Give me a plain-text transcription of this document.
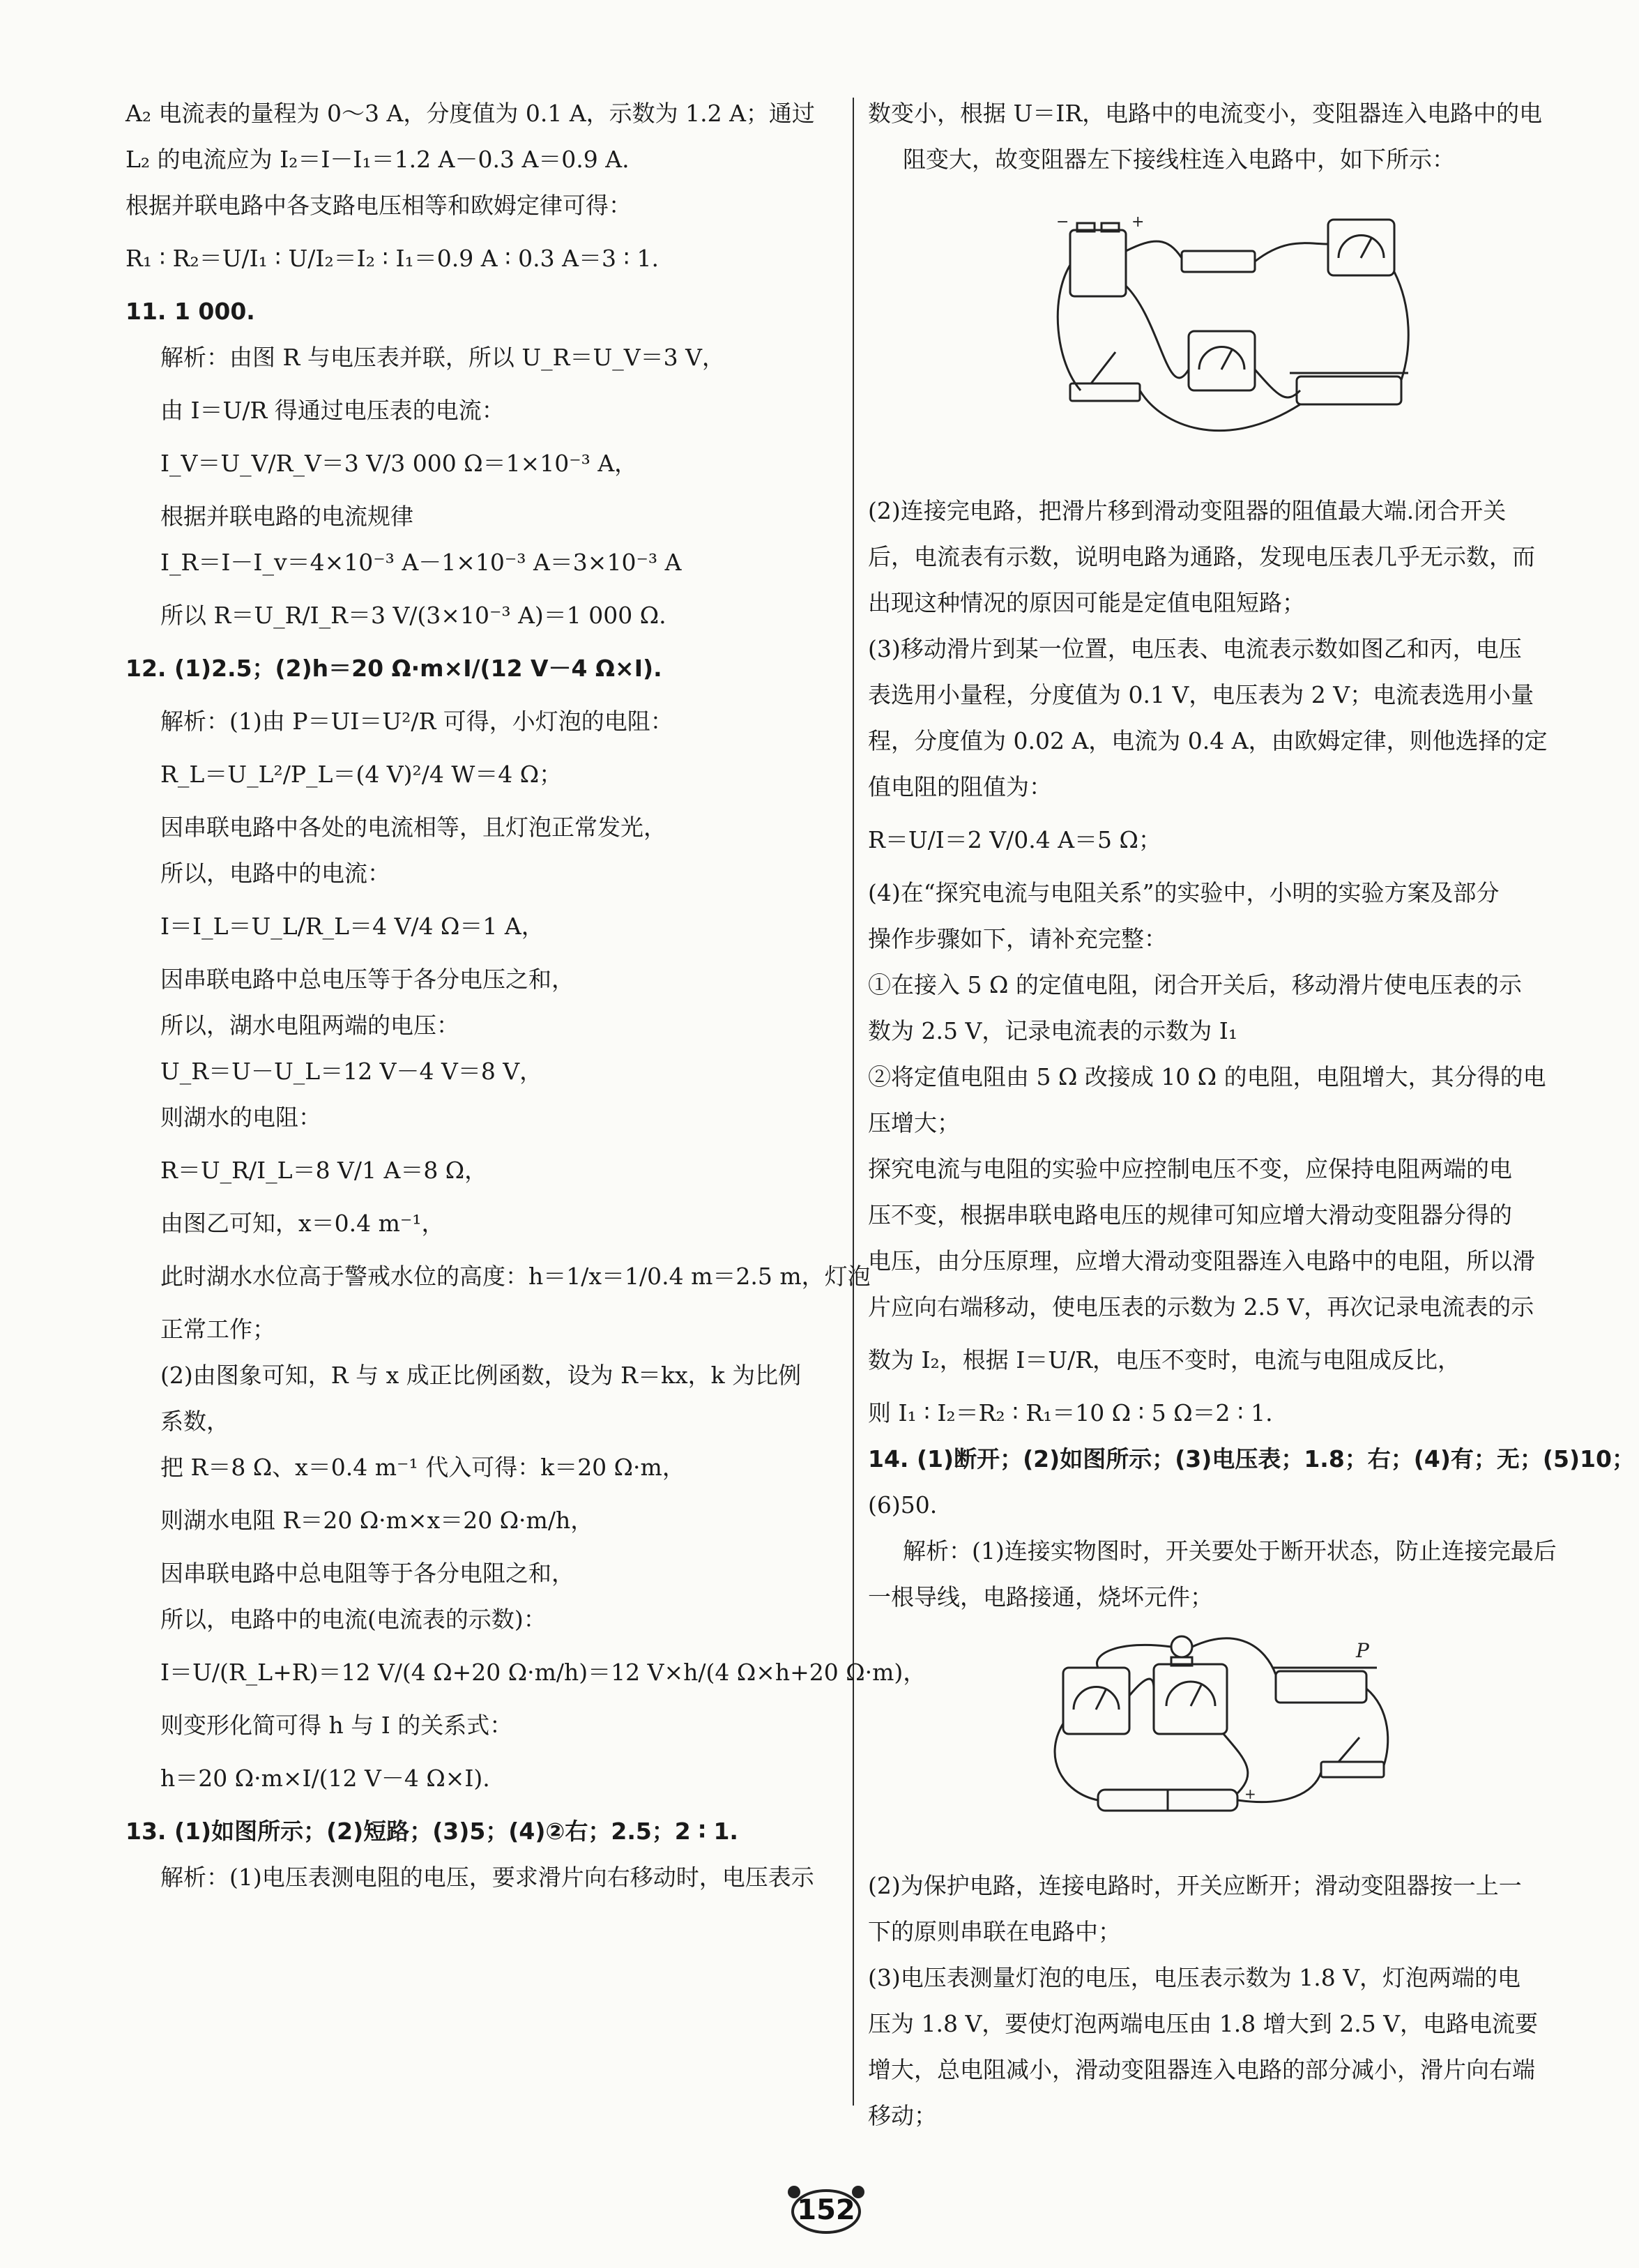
A₂ 电流表的量程为 0～3 A，分度值为 0.1 A，示数为 1.2 A；通过
L₂ 的电流应为 I₂＝I－I₁＝1.2 A－0.3 A＝0.9 A.
根据并联电路中各支路电压相等和欧姆定律可得：
R₁ ∶ R₂＝U/I₁ ∶ U/I₂＝I₂ ∶ I₁＝0.9 A ∶ 0.3 A＝3 ∶ 1.
11. 1 000.
解析：由图 R 与电压表并联，所以 U_R＝U_V＝3 V，
由 I＝U/R 得通过电压表的电流：
I_V＝U_V/R_V＝3 V/3 000 Ω＝1×10⁻³ A，
根据并联电路的电流规律
I_R＝I－I_v＝4×10⁻³ A－1×10⁻³ A＝3×10⁻³ A
所以 R＝U_R/I_R＝3 V/(3×10⁻³ A)＝1 000 Ω.
12. (1)2.5；(2)h＝20 Ω·m×I/(12 V－4 Ω×I).
解析：(1)由 P＝UI＝U²/R 可得，小灯泡的电阻：
R_L＝U_L²/P_L＝(4 V)²/4 W＝4 Ω；
因串联电路中各处的电流相等，且灯泡正常发光，
所以，电路中的电流：
I＝I_L＝U_L/R_L＝4 V/4 Ω＝1 A，
因串联电路中总电压等于各分电压之和，
所以，湖水电阻两端的电压：
U_R＝U－U_L＝12 V－4 V＝8 V，
则湖水的电阻：
R＝U_R/I_L＝8 V/1 A＝8 Ω，
由图乙可知，x＝0.4 m⁻¹，
此时湖水水位高于警戒水位的高度：h＝1/x＝1/0.4 m＝2.5 m，灯泡
正常工作；
(2)由图象可知，R 与 x 成正比例函数，设为 R＝kx，k 为比例
系数，
把 R＝8 Ω、x＝0.4 m⁻¹ 代入可得：k＝20 Ω·m，
则湖水电阻 R＝20 Ω·m×x＝20 Ω·m/h，
因串联电路中总电阻等于各分电阻之和，
所以，电路中的电流(电流表的示数)：
I＝U/(R_L+R)＝12 V/(4 Ω+20 Ω·m/h)＝12 V×h/(4 Ω×h+20 Ω·m)，
则变形化简可得 h 与 I 的关系式：
h＝20 Ω·m×I/(12 V－4 Ω×I).
13. (1)如图所示；(2)短路；(3)5；(4)②右；2.5；2 ∶ 1.
解析：(1)电压表测电阻的电压，要求滑片向右移动时，电压表示
数变小，根据 U＝IR，电路中的电流变小，变阻器连入电路中的电
阻变大，故变阻器左下接线柱连入电路中，如下所示：
−	+
(2)连接完电路，把滑片移到滑动变阻器的阻值最大端.闭合开关
后，电流表有示数，说明电路为通路，发现电压表几乎无示数，而
出现这种情况的原因可能是定值电阻短路；
(3)移动滑片到某一位置，电压表、电流表示数如图乙和丙，电压
表选用小量程，分度值为 0.1 V，电压表为 2 V；电流表选用小量
程，分度值为 0.02 A，电流为 0.4 A，由欧姆定律，则他选择的定
值电阻的阻值为：
R＝U/I＝2 V/0.4 A＝5 Ω；
(4)在“探究电流与电阻关系”的实验中，小明的实验方案及部分
操作步骤如下，请补充完整：
①在接入 5 Ω 的定值电阻，闭合开关后，移动滑片使电压表的示
数为 2.5 V，记录电流表的示数为 I₁
②将定值电阻由 5 Ω 改接成 10 Ω 的电阻，电阻增大，其分得的电
压增大；
探究电流与电阻的实验中应控制电压不变，应保持电阻两端的电
压不变，根据串联电路电压的规律可知应增大滑动变阻器分得的
电压，由分压原理，应增大滑动变阻器连入电路中的电阻，所以滑
片应向右端移动，使电压表的示数为 2.5 V，再次记录电流表的示
数为 I₂，根据 I＝U/R，电压不变时，电流与电阻成反比，
则 I₁ ∶ I₂＝R₂ ∶ R₁＝10 Ω ∶ 5 Ω＝2 ∶ 1.
14. (1)断开；(2)如图所示；(3)电压表；1.8；右；(4)有；无；(5)10；
(6)50.
解析：(1)连接实物图时，开关要处于断开状态，防止连接完最后
一根导线，电路接通，烧坏元件；
P
+
(2)为保护电路，连接电路时，开关应断开；滑动变阻器按一上一
下的原则串联在电路中；
(3)电压表测量灯泡的电压，电压表示数为 1.8 V，灯泡两端的电
压为 1.8 V，要使灯泡两端电压由 1.8 增大到 2.5 V，电路电流要
增大，总电阻减小，滑动变阻器连入电路的部分减小，滑片向右端
移动；
152
